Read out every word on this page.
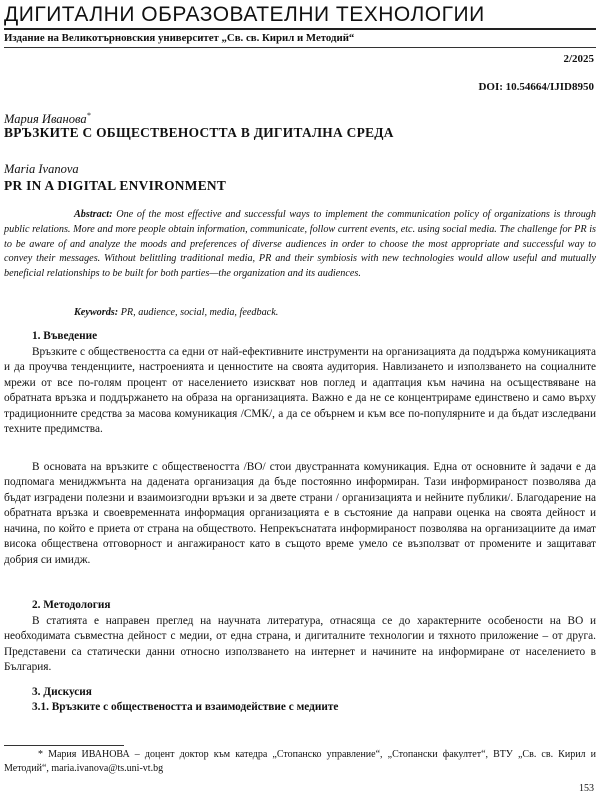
ДИГИТАЛНИ ОБРАЗОВАТЕЛНИ ТЕХНОЛОГИИ
Издание на Великотърновския университет „Св. св. Кирил и Методий“
2/2025
DOI: 10.54664/IJID8950
Мария Иванова*
ВРЪЗКИТЕ С ОБЩЕСТВЕНОСТТА В ДИГИТАЛНА СРЕДА
Maria Ivanova
PR IN A DIGITAL ENVIRONMENT
Abstract: One of the most effective and successful ways to implement the communication policy of organizations is through public relations. More and more people obtain information, communicate, follow current events, etc. using social media. The challenge for PR is to be aware of and analyze the moods and preferences of diverse audiences in order to choose the most appropriate and successful way to convey their messages. Without belittling traditional media, PR and their symbiosis with new technologies would allow useful and mutually beneficial relationships to be built for both parties—the organization and its audiences.
Keywords: PR, audience, social, media, feedback.
1. Въведение
Връзките с обществеността са едни от най-ефективните инструменти на организацията да поддържа комуникацията и да проучва тенденциите, настроенията и ценностите на своята аудитория. Навлизането и използването на социалните мрежи от все по-голям процент от населението изискват нов поглед и адаптация към начина на осъществяване на обратната връзка и поддържането на образа на организацията. Важно е да не се концентрираме единствено и само върху традиционните средства за масова комуникация /СМК/, а да се обърнем и към все по-популярните и да бъдат изследвани техните предимства.
В основата на връзките с обществеността /ВО/ стои двустранната комуникация. Една от основните ѝ задачи е да подпомага мениджмънта на дадената организация да бъде постоянно информиран. Тази информираност позволява да бъдат изградени полезни и взаимоизгодни връзки и за двете страни / организацията и нейните публики/. Благодарение на обратната връзка и своевременната информация организацията е в състояние да направи оценка на своята дейност и начина, по който е приета от страна на обществото. Непрекъснатата информираност позволява на организациите да имат висока обществена отговорност и ангажираност като в същото време умело се възползват от промените и защитават добрия си имидж.
2. Методология
В статията е направен преглед на научната литература, отнасяща се до характерните особености на ВО и необходимата съвместна дейност с медии, от една страна, и дигиталните технологии и тяхното приложение – от друга. Представени са статически данни относно използването на интернет и начините на информиране от населението в България.
3. Дискусия
3.1. Връзките с обществеността и взаимодействие с медиите
* Мария ИВАНОВА – доцент доктор към катедра „Стопанско управление“, „Стопански факултет“, ВТУ „Св. св. Кирил и Методий“, maria.ivanova@ts.uni-vt.bg
153
